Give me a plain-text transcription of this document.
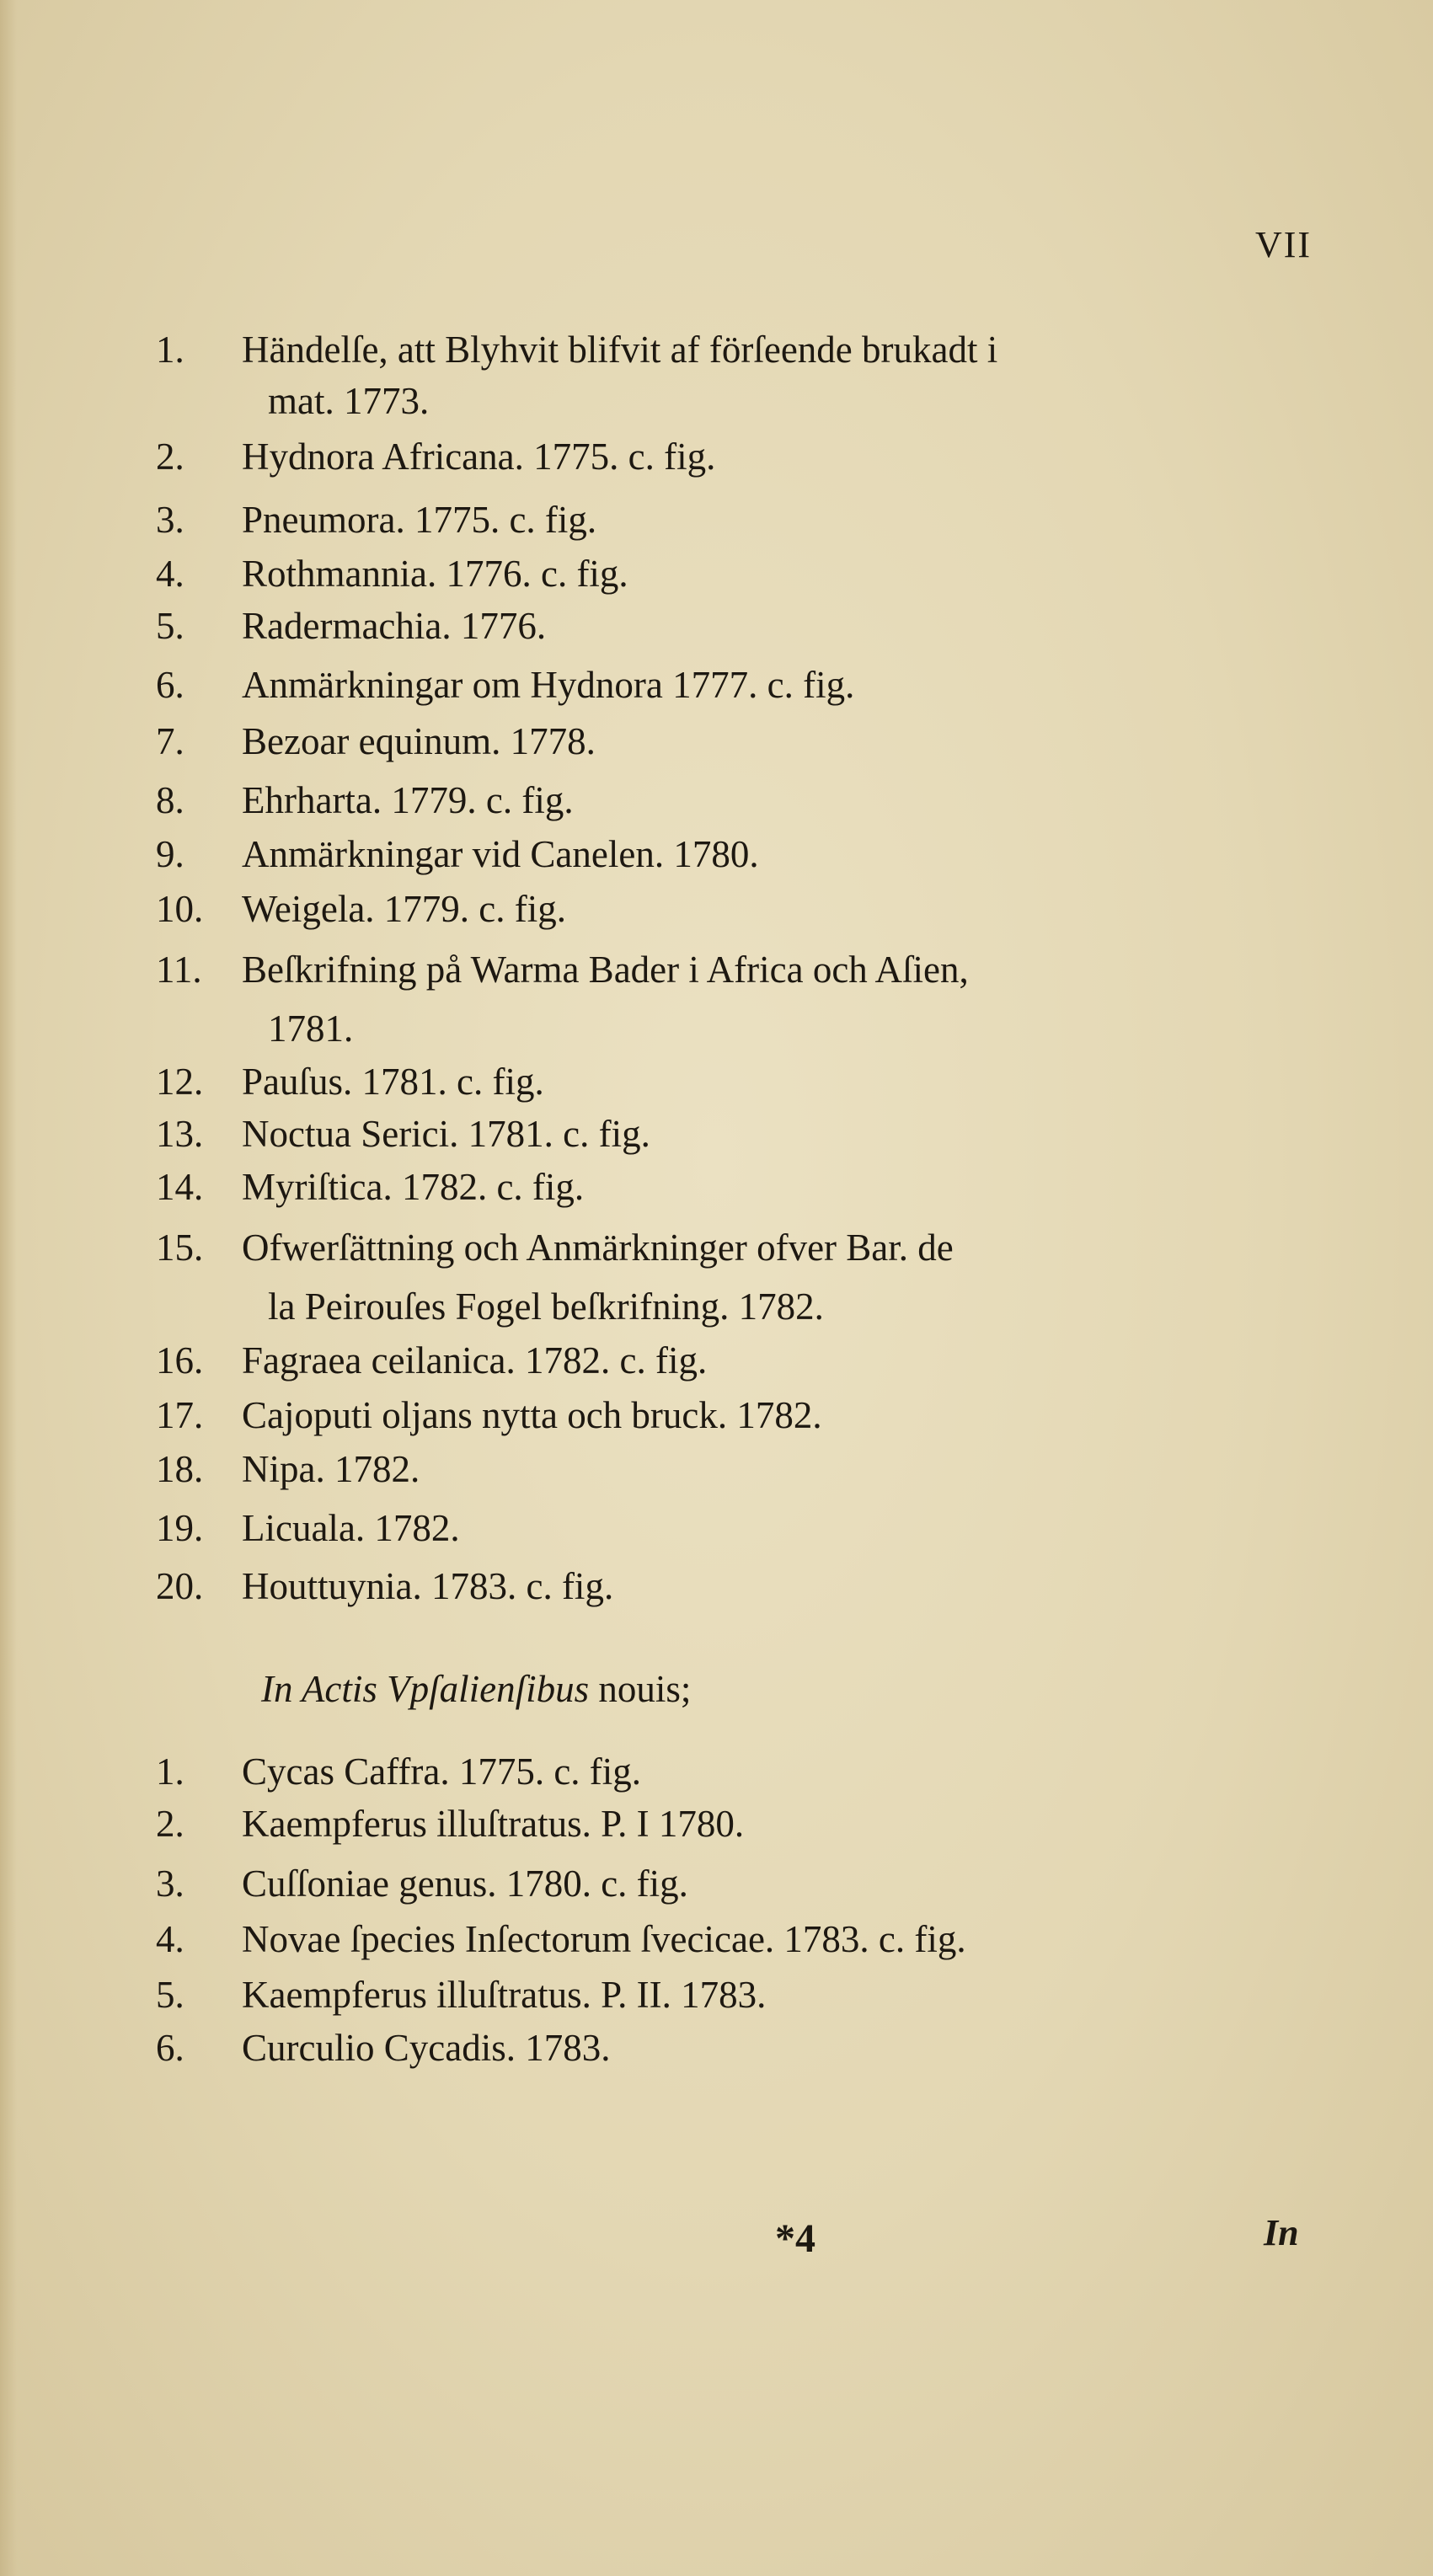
VII
1.	Händelſe, att Blyhvit blifvit af förſeende brukadt i
mat. 1773.
2.	Hydnora Africana. 1775. c. fig.
3.	Pneumora. 1775. c. fig.
4.	Rothmannia. 1776. c. fig.
5.	Radermachia. 1776.
6.	Anmärkningar om Hydnora 1777. c. fig.
7.	Bezoar equinum. 1778.
8.	Ehrharta. 1779. c. fig.
9.	Anmärkningar vid Canelen. 1780.
10.	Weigela. 1779. c. fig.
11.	Beſkrifning på Warma Bader i Africa och Aſien,
1781.
12.	Pauſus. 1781. c. fig.
13.	Noctua Serici. 1781. c. fig.
14.	Myriſtica. 1782. c. fig.
15.	Ofwerſättning och Anmärkninger ofver Bar. de
la Peirouſes Fogel beſkrifning. 1782.
16.	Fagraea ceilanica. 1782. c. fig.
17.	Cajoputi oljans nytta och bruck. 1782.
18.	Nipa. 1782.
19.	Licuala. 1782.
20.	Houttuynia. 1783. c. fig.
In Actis Vpſalienſibus nouis;
1.	Cycas Caffra. 1775. c. fig.
2.	Kaempferus illuſtratus. P. I 1780.
3.	Cuſſoniae genus. 1780. c. fig.
4.	Novae ſpecies Inſectorum ſvecicae. 1783. c. fig.
5.	Kaempferus illuſtratus. P. II. 1783.
6.	Curculio Cycadis. 1783.
*4	In
